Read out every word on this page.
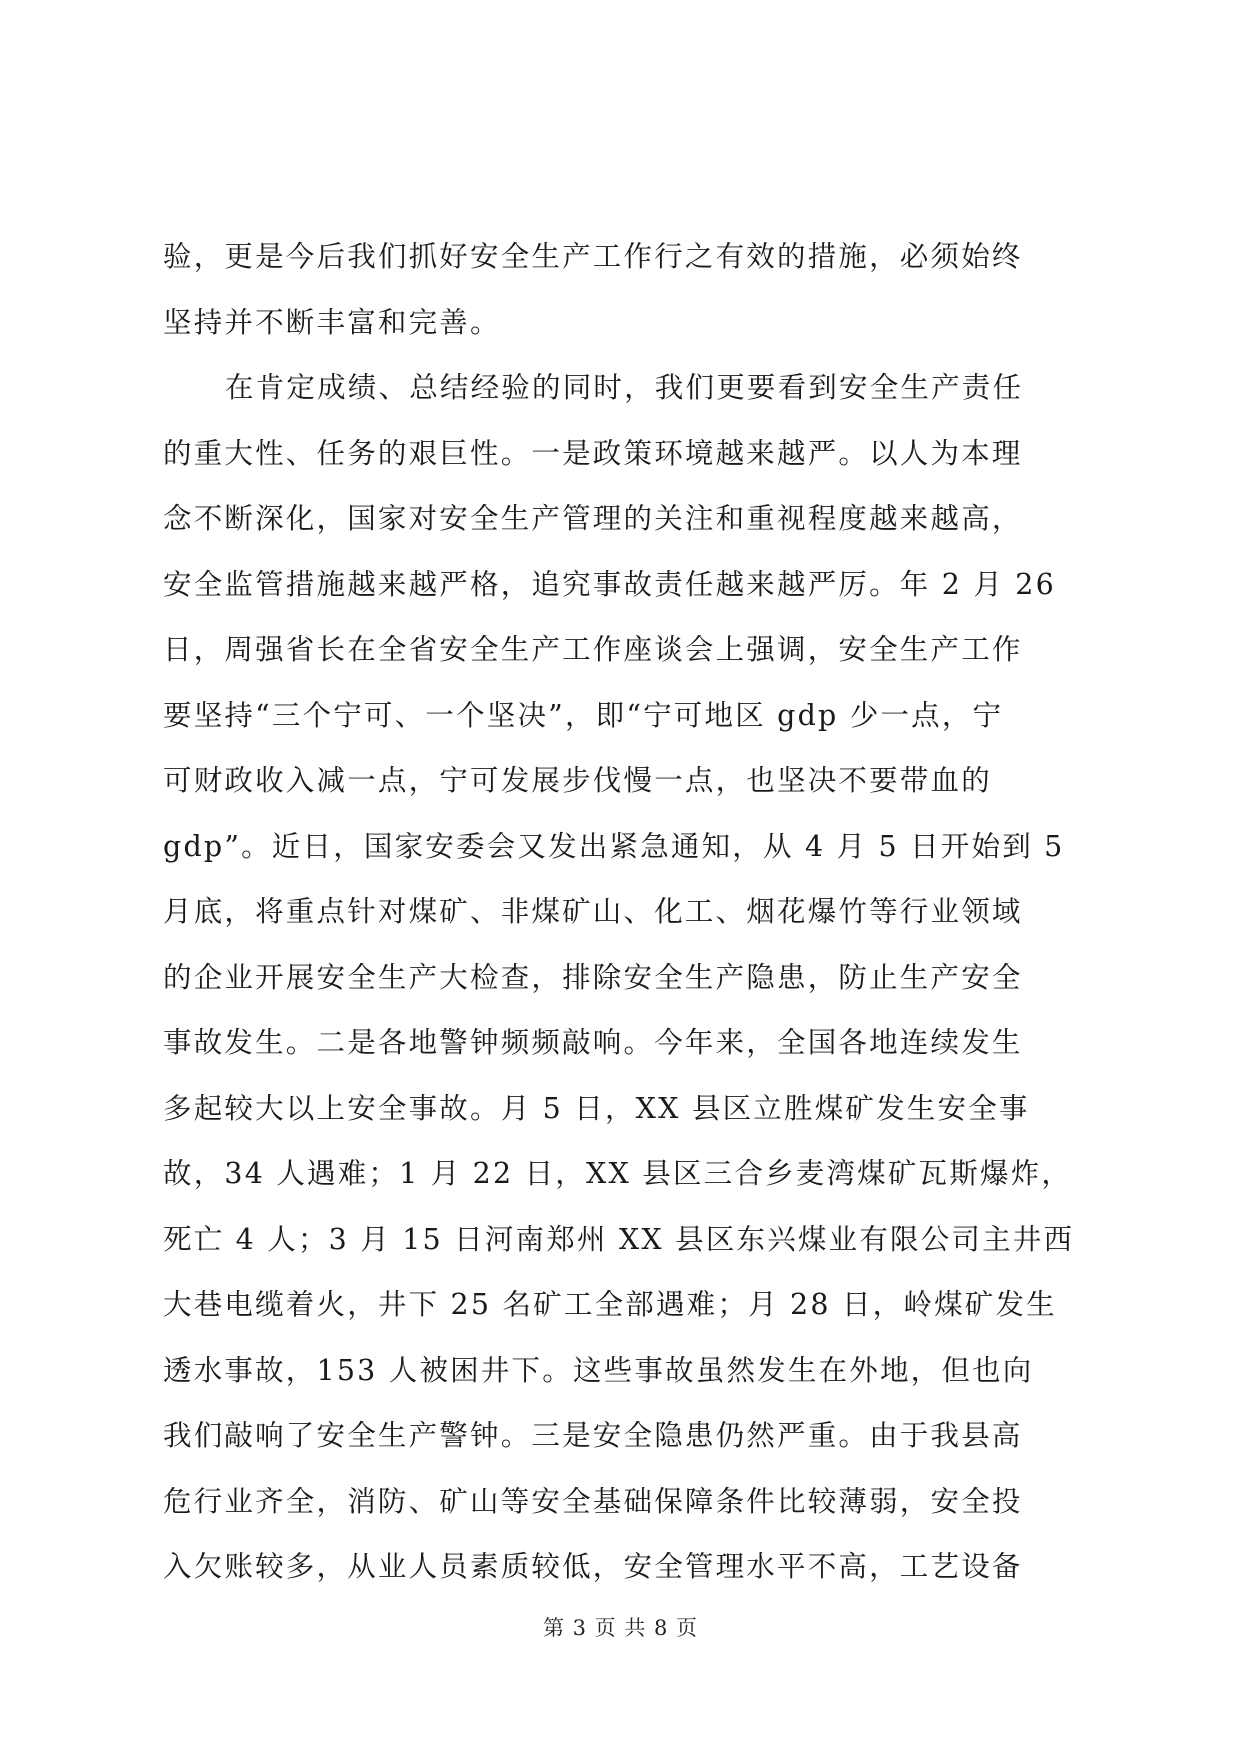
验，更是今后我们抓好安全生产工作行之有效的措施，必须始终
坚持并不断丰富和完善。
在肯定成绩、总结经验的同时，我们更要看到安全生产责任
的重大性、任务的艰巨性。一是政策环境越来越严。以人为本理
念不断深化，国家对安全生产管理的关注和重视程度越来越高，
安全监管措施越来越严格，追究事故责任越来越严厉。年 2 月 26
日，周强省长在全省安全生产工作座谈会上强调，安全生产工作
要坚持“三个宁可、一个坚决”，即“宁可地区 gdp 少一点，宁
可财政收入减一点，宁可发展步伐慢一点，也坚决不要带血的
gdp”。近日，国家安委会又发出紧急通知，从 4 月 5 日开始到 5
月底，将重点针对煤矿、非煤矿山、化工、烟花爆竹等行业领域
的企业开展安全生产大检查，排除安全生产隐患，防止生产安全
事故发生。二是各地警钟频频敲响。今年来，全国各地连续发生
多起较大以上安全事故。月 5 日，XX 县区立胜煤矿发生安全事
故，34 人遇难；1 月 22 日，XX 县区三合乡麦湾煤矿瓦斯爆炸，
死亡 4 人；3 月 15 日河南郑州 XX 县区东兴煤业有限公司主井西
大巷电缆着火，井下 25 名矿工全部遇难；月 28 日，岭煤矿发生
透水事故，153 人被困井下。这些事故虽然发生在外地，但也向
我们敲响了安全生产警钟。三是安全隐患仍然严重。由于我县高
危行业齐全，消防、矿山等安全基础保障条件比较薄弱，安全投
入欠账较多，从业人员素质较低，安全管理水平不高，工艺设备
第 3 页 共 8 页
